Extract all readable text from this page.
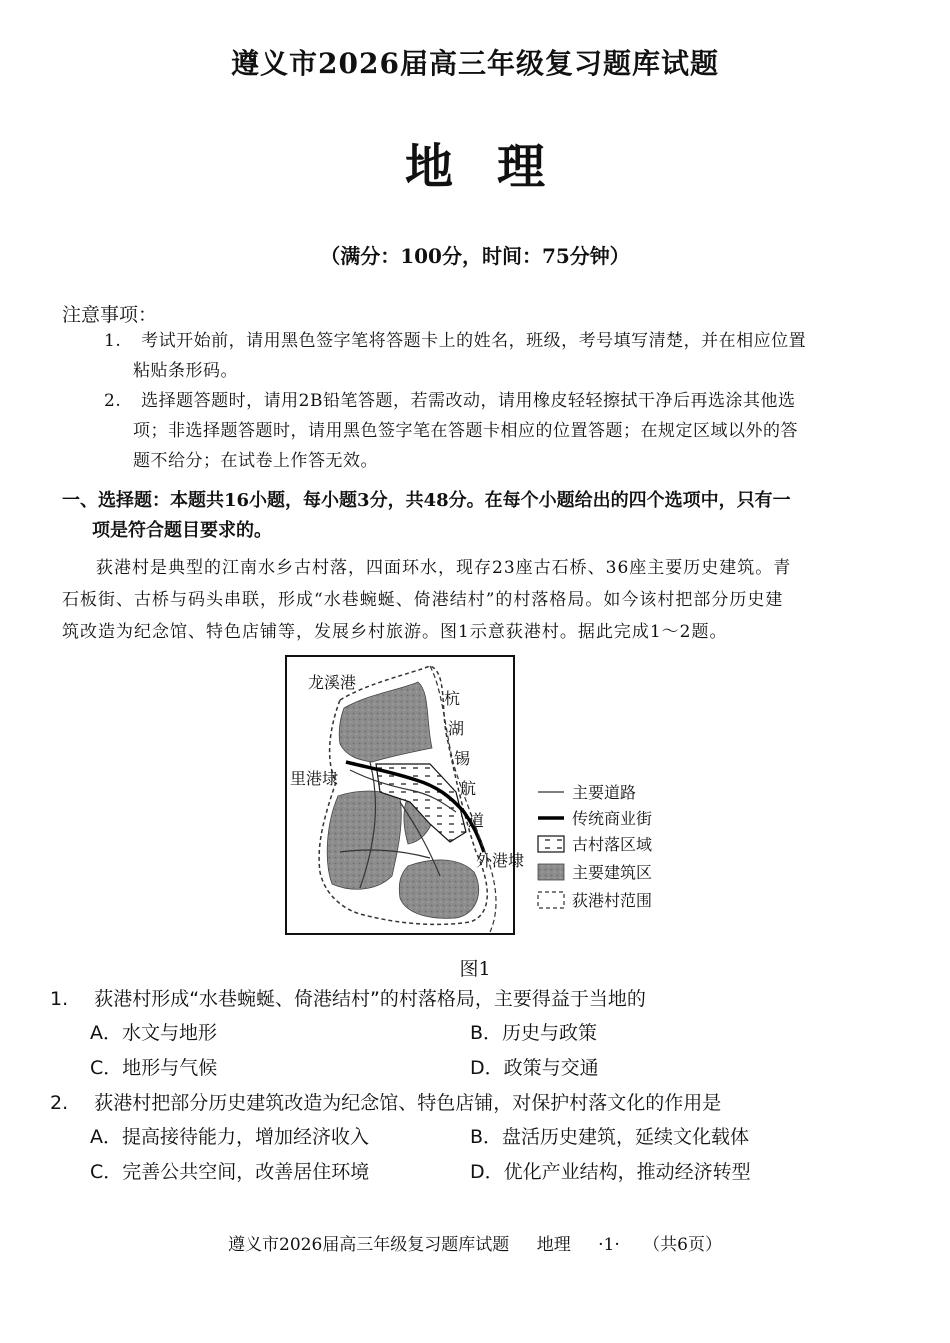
遵义市2026届高三年级复习题库试题
地理
（满分：100分，时间：75分钟）
注意事项：
1. 考试开始前，请用黑色签字笔将答题卡上的姓名，班级，考号填写清楚，并在相应位置
粘贴条形码。
2. 选择题答题时，请用2B铅笔答题，若需改动，请用橡皮轻轻擦拭干净后再选涂其他选
项；非选择题答题时，请用黑色签字笔在答题卡相应的位置答题；在规定区域以外的答
题不给分；在试卷上作答无效。
一、选择题：本题共16小题，每小题3分，共48分。在每个小题给出的四个选项中，只有一
项是符合题目要求的。
荻港村是典型的江南水乡古村落，四面环水，现存23座古石桥、36座主要历史建筑。青
石板街、古桥与码头串联，形成“水巷蜿蜒、倚港结村”的村落格局。如今该村把部分历史建
筑改造为纪念馆、特色店铺等，发展乡村旅游。图1示意荻港村。据此完成1～2题。
龙溪港
里港埭
外港埭
杭
湖
锡
航
道
主要道路
传统商业街
古村落区域
主要建筑区
荻港村范围
图1
1. 荻港村形成“水巷蜿蜒、倚港结村”的村落格局，主要得益于当地的
A．水文与地形	B．历史与政策
C．地形与气候	D．政策与交通
2. 荻港村把部分历史建筑改造为纪念馆、特色店铺，对保护村落文化的作用是
A．提高接待能力，增加经济收入	B．盘活历史建筑，延续文化载体
C．完善公共空间，改善居住环境	D．优化产业结构，推动经济转型
遵义市2026届高三年级复习题库试题 地理 ·1· （共6页）
